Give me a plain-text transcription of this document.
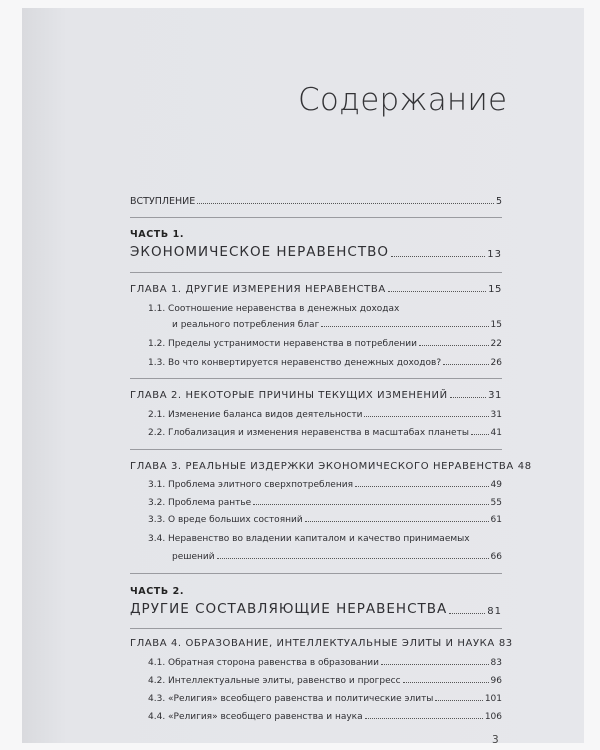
Содержание
ВСТУПЛЕНИЕ	5
ЧАСТЬ 1.
ЭКОНОМИЧЕСКОЕ НЕРАВЕНСТВО	13
ГЛАВА 1. ДРУГИЕ ИЗМЕРЕНИЯ НЕРАВЕНСТВА	15
1.1. Соотношение неравенства в денежных доходах
и реального потребления благ	15
1.2. Пределы устранимости неравенства в потреблении	22
1.3. Во что конвертируется неравенство денежных доходов?	26
ГЛАВА 2. НЕКОТОРЫЕ ПРИЧИНЫ ТЕКУЩИХ ИЗМЕНЕНИЙ	31
2.1. Изменение баланса видов деятельности	31
2.2. Глобализация и изменения неравенства в масштабах планеты 41
ГЛАВА 3. РЕАЛЬНЫЕ ИЗДЕРЖКИ ЭКОНОМИЧЕСКОГО НЕРАВЕНСТВА 48
3.1. Проблема элитного сверхпотребления	49
3.2. Проблема рантье	55
3.3. О вреде больших состояний	61
3.4. Неравенство во владении капиталом и качество принимаемых
решений	66
ЧАСТЬ 2.
ДРУГИЕ СОСТАВЛЯЮЩИЕ НЕРАВЕНСТВА	81
ГЛАВА 4. ОБРАЗОВАНИЕ, ИНТЕЛЛЕКТУАЛЬНЫЕ ЭЛИТЫ И НАУКА 83
4.1. Обратная сторона равенства в образовании	83
4.2. Интеллектуальные элиты, равенство и прогресс	96
4.3. «Религия» всеобщего равенства и политические элиты	101
4.4. «Религия» всеобщего равенства и наука	106
3
